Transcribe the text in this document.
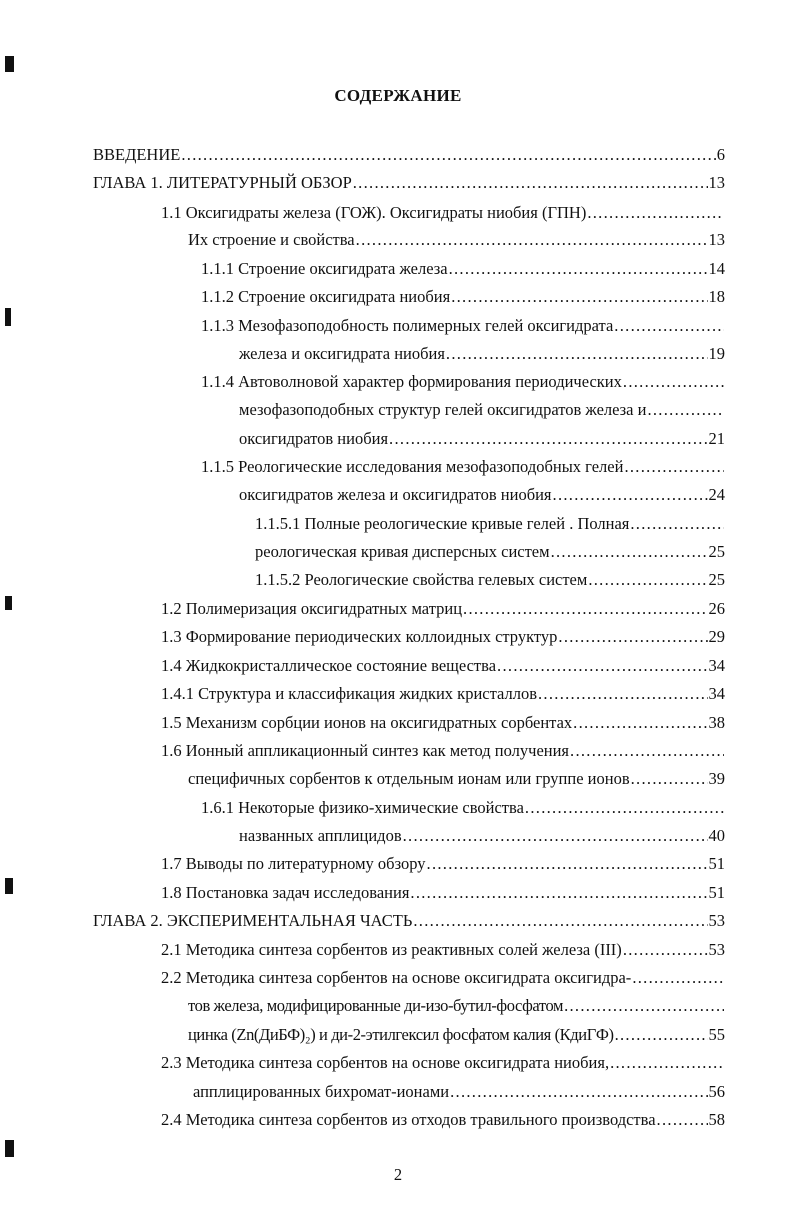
СОДЕРЖАНИЕ
ВВЕДЕНИЕ .....	6
ГЛАВА 1. ЛИТЕРАТУРНЫЙ ОБЗОР .....	13
1.1 Оксигидраты железа (ГОЖ). Оксигидраты ниобия (ГПН)
.....
Их строение и свойства .....	13
1.1.1 Строение оксигидрата железа .....	14
1.1.2 Строение оксигидрата ниобия .....	18
1.1.3 Мезофазоподобность полимерных гелей оксигидрата
.....
железа и оксигидрата ниобия .....	19
1.1.4 Автоволновой характер формирования периодических
.....
мезофазоподобных структур гелей оксигидратов железа и
.....
оксигидратов ниобия .....	21
1.1.5 Реологические исследования мезофазоподобных гелей
.....
оксигидратов железа и оксигидратов ниобия .....	24
1.1.5.1 Полные реологические кривые гелей . Полная
.....
реологическая кривая дисперсных систем .....	25
1.1.5.2 Реологические свойства гелевых систем .....	25
1.2 Полимеризация оксигидратных матриц .....	26
1.3 Формирование периодических коллоидных структур .....	29
1.4 Жидкокристаллическое состояние вещества .....	34
1.4.1 Структура и классификация жидких кристаллов .....	34
1.5 Механизм сорбции ионов на оксигидратных сорбентах .....	38
1.6 Ионный аппликационный синтез как метод получения
.....
специфичных сорбентов к отдельным ионам или группе ионов .....	39
1.6.1 Некоторые физико-химические свойства
.....
названных апплицидов .....	40
1.7 Выводы по литературному обзору .....	51
1.8 Постановка задач исследования .....	51
ГЛАВА 2. ЭКСПЕРИМЕНТАЛЬНАЯ ЧАСТЬ .....	53
2.1 Методика синтеза сорбентов из реактивных солей железа (III) .....	53
2.2 Методика синтеза сорбентов на основе оксигидрата оксигидра-
.....
тов железа, модифицированные ди-изо-бутил-фосфатом
.....
цинка (Zn(ДиБФ)₂) и ди-2-этилгексил фосфатом калия (КдиГФ) .....	55
2.3 Методика синтеза сорбентов на основе оксигидрата ниобия,
.....
апплицированных бихромат-ионами .....	56
2.4 Методика синтеза сорбентов из отходов травильного производства .....	58
2
